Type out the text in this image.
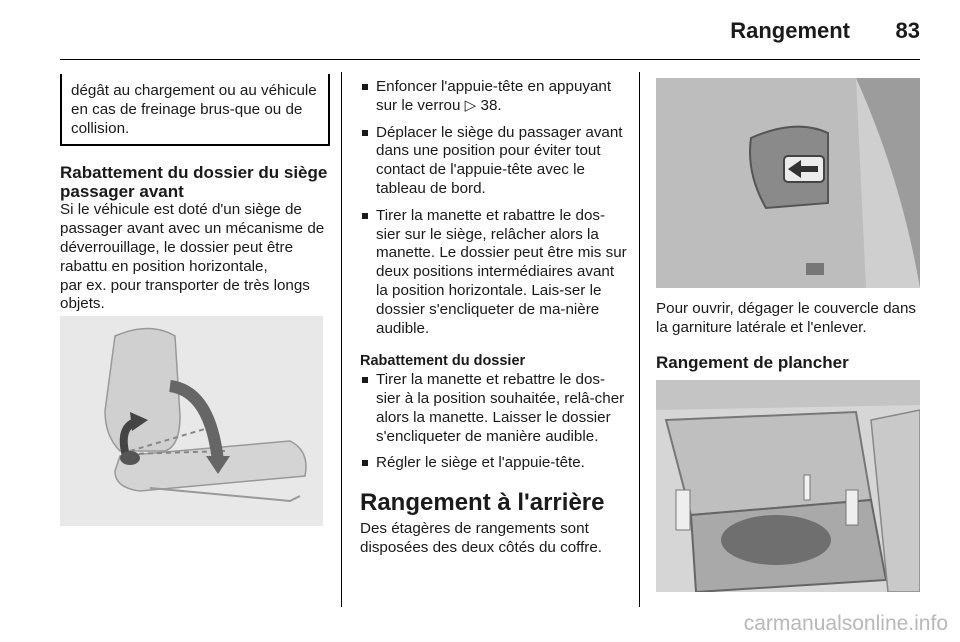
Rangement	83

dégât au chargement ou au véhicule en cas de freinage brus-que ou de collision.

Rabattement du dossier du siège passager avant

Si le véhicule est doté d'un siège de passager avant avec un mécanisme de déverrouillage, le dossier peut être rabattu en position horizontale,

par ex. pour transporter de très longs objets.

Enfoncer l'appuie-tête en appuyant sur le verrou ▷ 38.
Déplacer le siège du passager avant dans une position pour éviter tout contact de l'appuie-tête avec le tableau de bord.
Tirer la manette et rabattre le dos-sier sur le siège, relâcher alors la manette. Le dossier peut être mis sur deux positions intermédiaires avant la position horizontale. Lais-ser le dossier s'encliqueter de ma-nière audible.
Rabattement du dossier
Tirer la manette et rebattre le dos-sier à la position souhaitée, relâ-cher alors la manette. Laisser le dossier s'encliqueter de manière audible.
Régler le siège et l'appuie-tête.
Rangement à l'arrière

Des étagères de rangements sont disposées des deux côtés du coffre.

Pour ouvrir, dégager le couvercle dans la garniture latérale et l'enlever.
Rangement de plancher
carmanualsonline.info
